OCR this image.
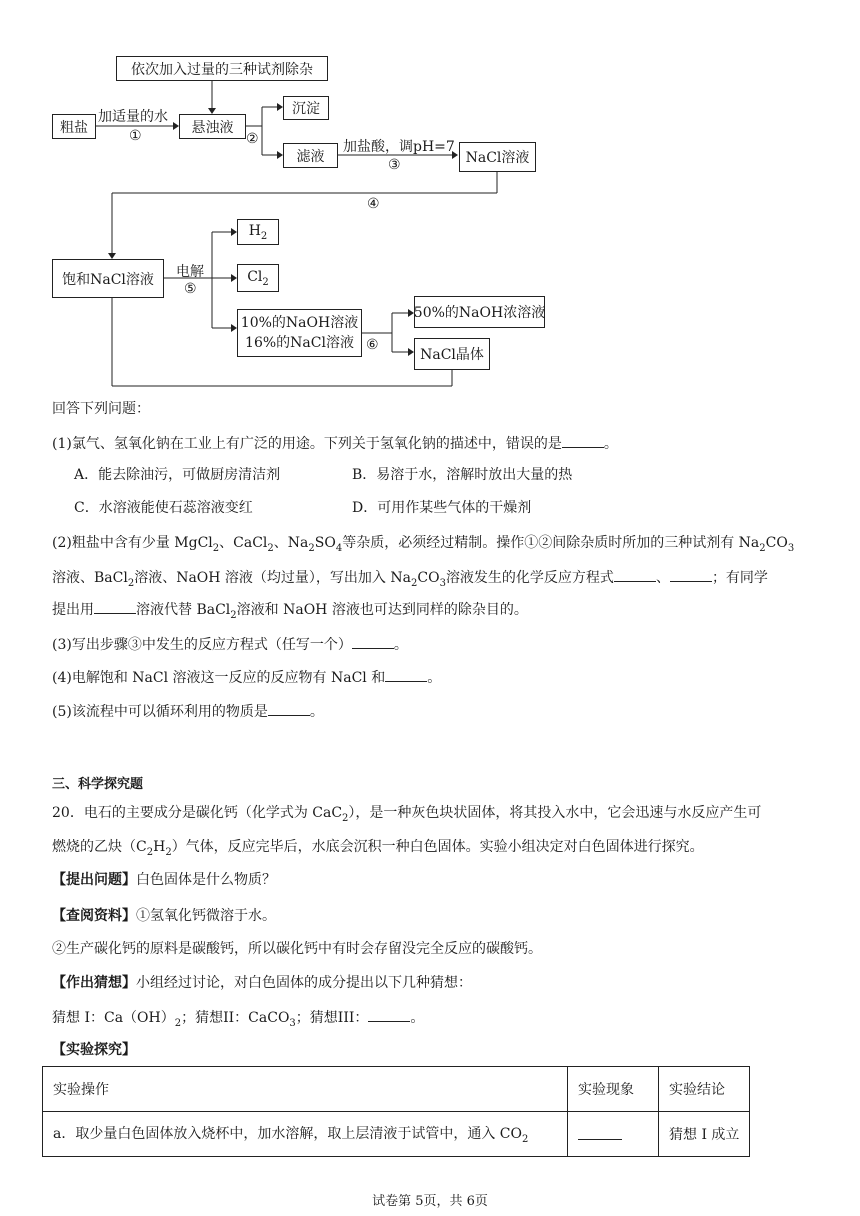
依次加入过量的三种试剂除杂
粗盐
加适量的水
①
悬浊液
②
沉淀
滤液
加盐酸，调pH=7
③	NaCl溶液
④
饱和NaCl溶液 电解
⑤
$H_2$
$Cl_2$
10%的NaOH溶液
16%的NaCl溶液 ⑥
50%的NaOH浓溶液
NaCl晶体
回答下列问题：
(1)氯气、氢氧化钠在工业上有广泛的用途。下列关于氢氧化钠的描述中，错误的是	。
A．能去除油污，可做厨房清洁剂	B．易溶于水，溶解时放出大量的热
C．水溶液能使石蕊溶液变红	D．可用作某些气体的干燥剂
(2)粗盐中含有少量 MgCl$_2$、CaCl$_2$、$Na_2SO_4$等杂质，必须经过精制。操作①②间除杂质时所加的三种试剂有 $Na_2CO_3$
溶液、BaCl$_2$溶液、NaOH 溶液（均过量），写出加入 $Na_2CO_3$溶液发生的化学反应方程式	、	；有同学
提出用	溶液代替 BaCl$_2$溶液和 NaOH 溶液也可达到同样的除杂目的。
(3)写出步骤③中发生的反应方程式（任写一个）	。
(4)电解饱和 NaCl 溶液这一反应的反应物有 NaCl 和	。
(5)该流程中可以循环利用的物质是	。
三、科学探究题
20．电石的主要成分是碳化钙（化学式为 CaC$_2$），是一种灰色块状固体，将其投入水中，它会迅速与水反应产生可
燃烧的乙炔$(C_2H_2)$气体，反应完毕后，水底会沉积一种白色固体。实验小组决定对白色固体进行探究。
【提出问题】白色固体是什么物质？
【查阅资料】①氢氧化钙微溶于水。
②生产碳化钙的原料是碳酸钙，所以碳化钙中有时会存留没完全反应的碳酸钙。
【作出猜想】小组经过讨论，对白色固体的成分提出以下几种猜想：
猜想 I：$Ca(OH)_2$；猜想II：CaCO$_3$；猜想III：	。
【实验探究】
实验操作	实验现象	实验结论
a．取少量白色固体放入烧杯中，加水溶解，取上层清液于试管中，通入 $CO_2$		猜想 I 成立
试卷第 5页，共 6页
